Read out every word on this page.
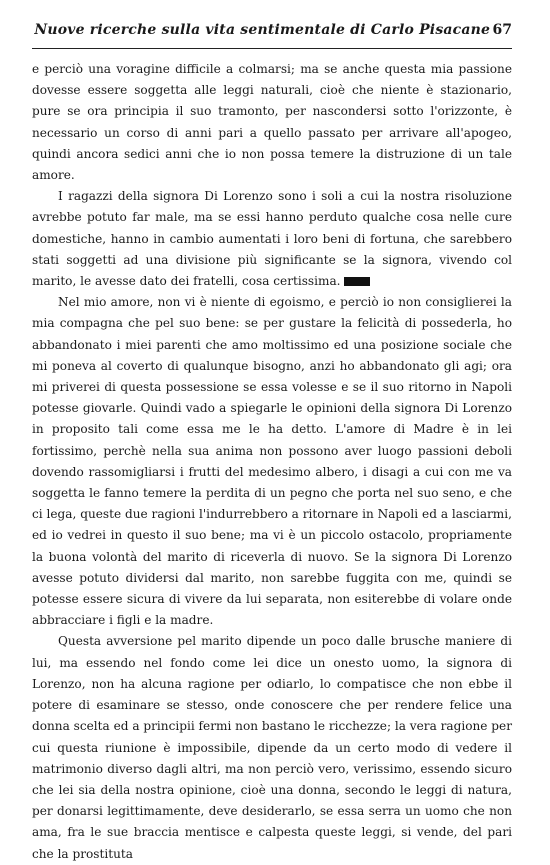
Nuove ricerche sulla vita sentimentale di Carlo Pisacane 67

e perciò una voragine difficile a colmarsi; ma se anche questa mia passione dovesse essere soggetta alle leggi naturali, cioè che niente è stazionario, pure se ora principia il suo tramonto, per nascondersi sotto l'orizzonte, è necessario un corso di anni pari a quello passato per arrivare all'apogeo, quindi ancora sedici anni che io non possa temere la distruzione di un tale amore.

I ragazzi della signora Di Lorenzo sono i soli a cui la nostra risoluzione avrebbe potuto far male, ma se essi hanno perduto qualche cosa nelle cure domestiche, hanno in cambio aumentati i loro beni di fortuna, che sarebbero stati soggetti ad una divisione più significante se la signora, vivendo col marito, le avesse dato dei fratelli, cosa certissima.

Nel mio amore, non vi è niente di egoismo, e perciò io non consiglierei la mia compagna che pel suo bene: se per gustare la felicità di possederla, ho abbandonato i miei parenti che amo moltissimo ed una posizione sociale che mi poneva al coverto di qualunque bisogno, anzi ho abbandonato gli agi; ora mi priverei di questa possessione se essa volesse e se il suo ritorno in Napoli potesse giovarle. Quindi vado a spiegarle le opinioni della signora Di Lorenzo in proposito tali come essa me le ha detto. L'amore di Madre è in lei fortissimo, perchè nella sua anima non possono aver luogo passioni deboli dovendo rassomigliarsi i frutti del medesimo albero, i disagi a cui con me va soggetta le fanno temere la perdita di un pegno che porta nel suo seno, e che ci lega, queste due ragioni l'indurrebbero a ritornare in Napoli ed a lasciarmi, ed io vedrei in questo il suo bene; ma vi è un piccolo ostacolo, propriamente la buona volontà del marito di riceverla di nuovo. Se la signora Di Lorenzo avesse potuto dividersi dal marito, non sarebbe fuggita con me, quindi se potesse essere sicura di vivere da lui separata, non esiterebbe di volare onde abbracciare i figli e la madre.

Questa avversione pel marito dipende un poco dalle brusche maniere di lui, ma essendo nel fondo come lei dice un onesto uomo, la signora di Lorenzo, non ha alcuna ragione per odiarlo, lo compatisce che non ebbe il potere di esaminare se stesso, onde conoscere che per rendere felice una donna scelta ed a principii fermi non bastano le ricchezze; la vera ragione per cui questa riunione è impossibile, dipende da un certo modo di vedere il matrimonio diverso dagli altri, ma non perciò vero, verissimo, essendo sicuro che lei sia della nostra opinione, cioè una donna, secondo le leggi di natura, per donarsi legittimamente, deve desiderarlo, se essa serra un uomo che non ama, fra le sue braccia mentisce e calpesta queste leggi, si vende, del pari che la prostituta
